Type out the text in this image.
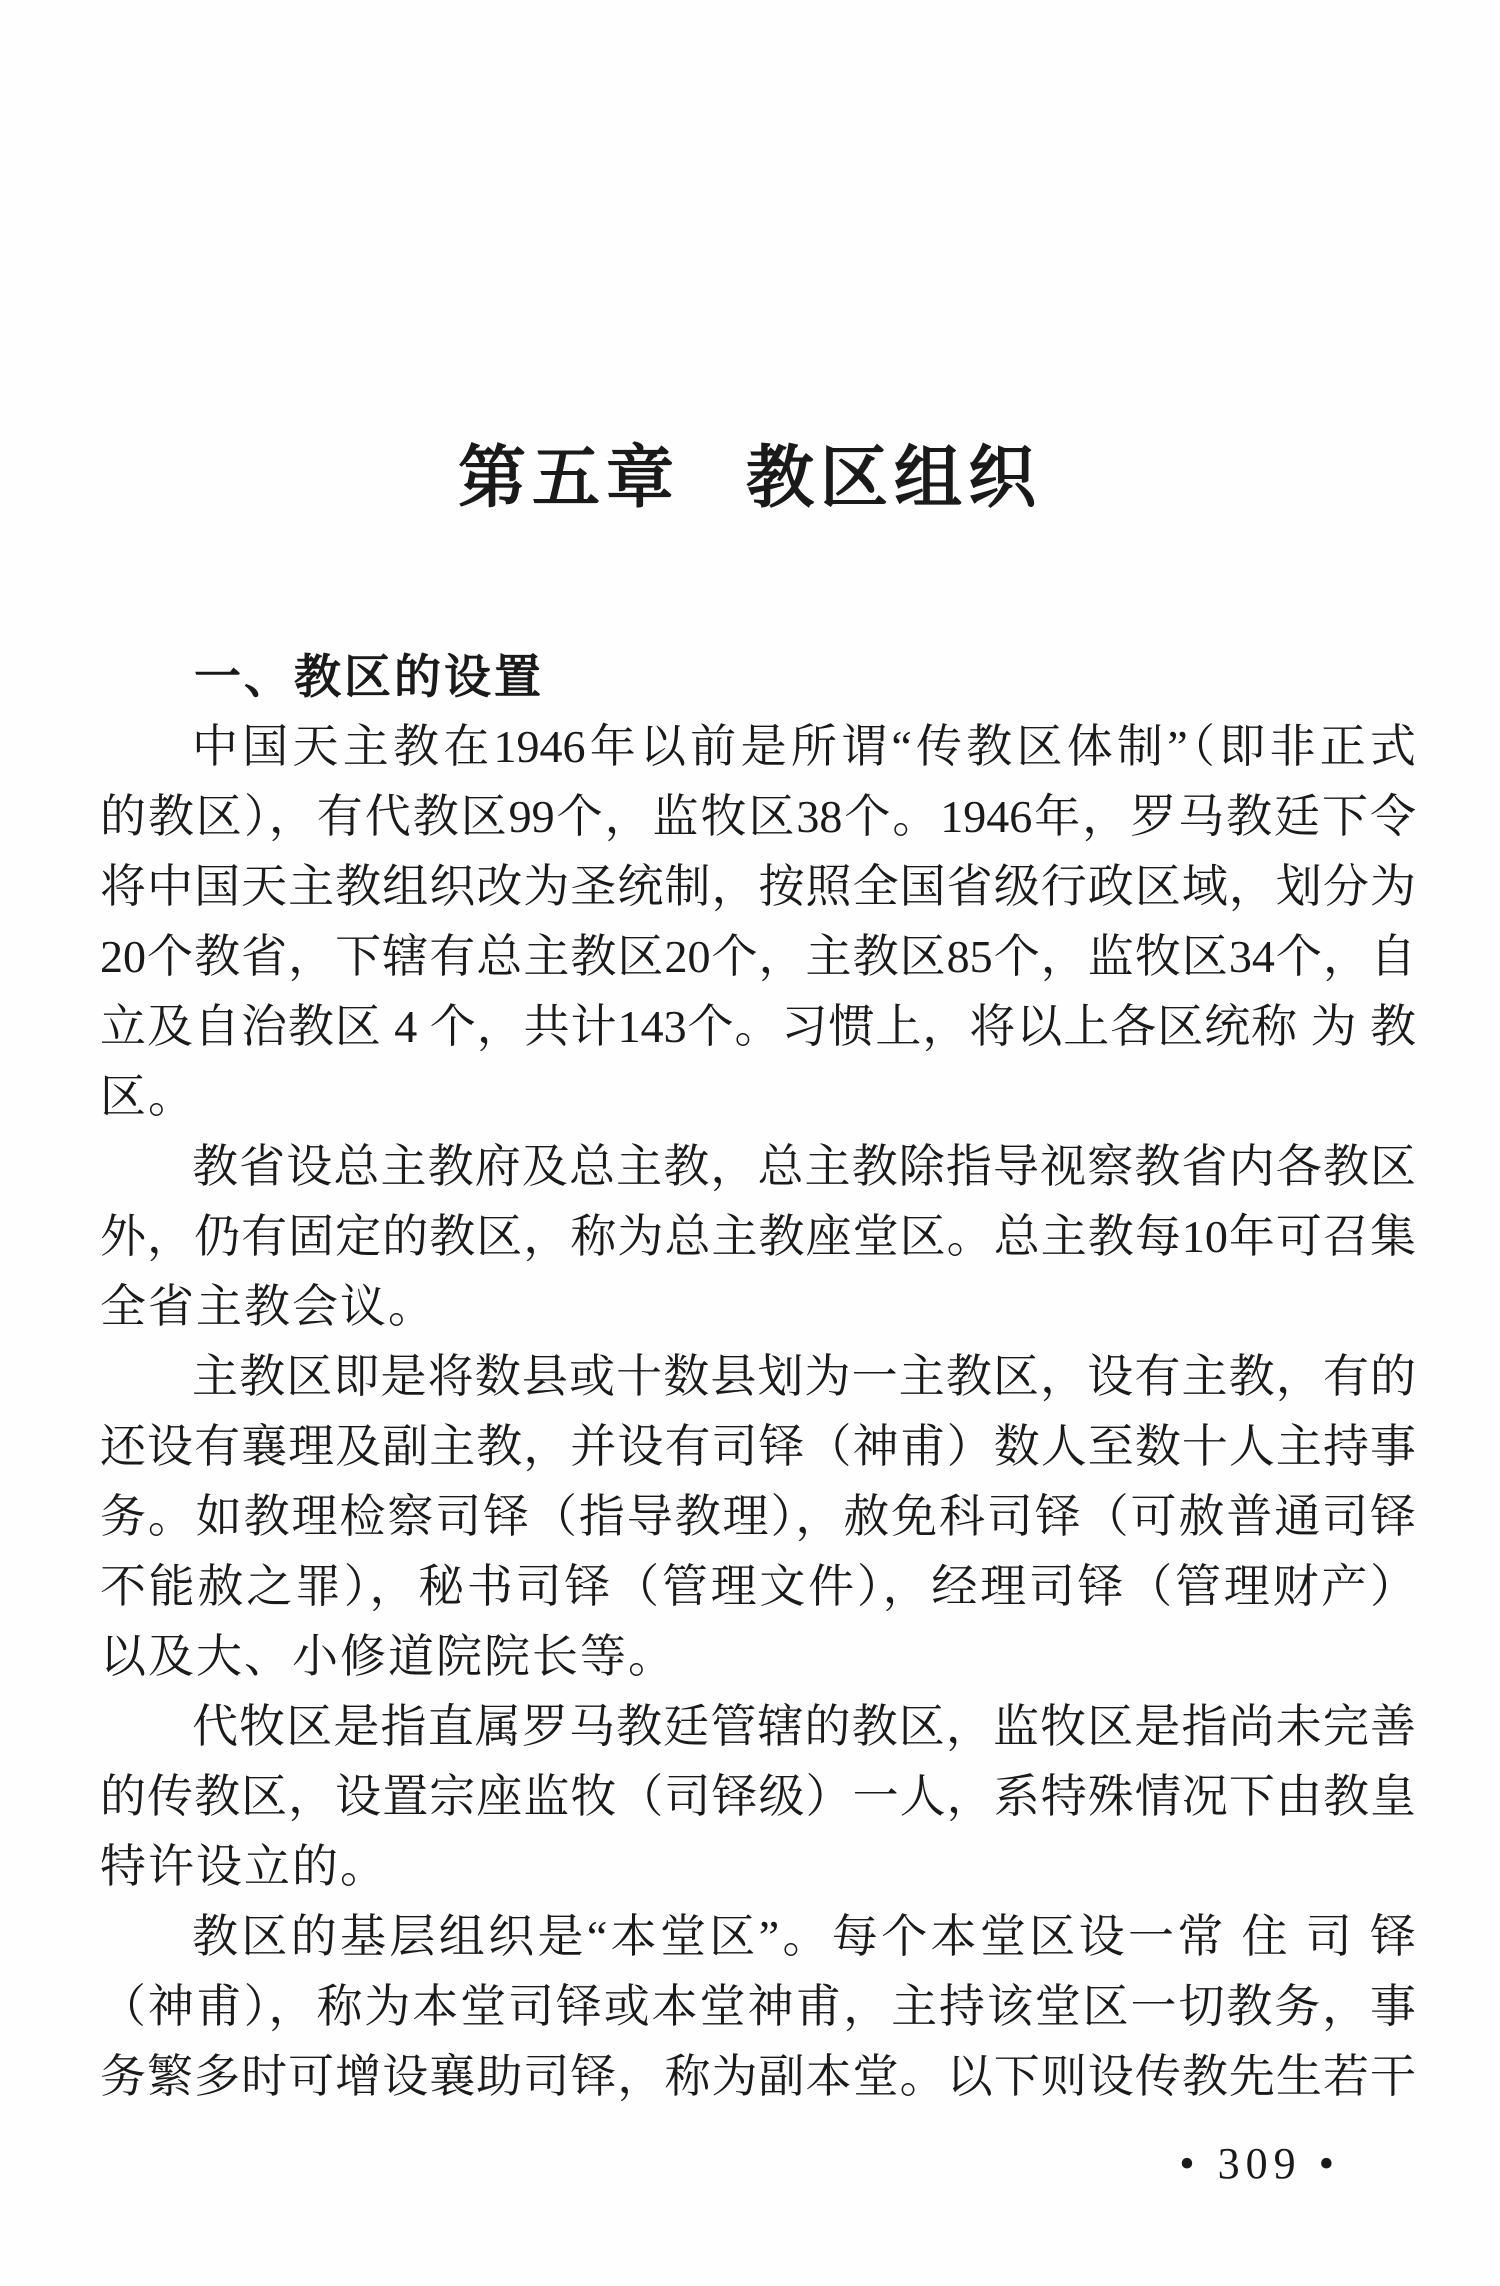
第五章 教区组织
一、教区的设置

中国天主教在1946年以前是所谓“传教区体制”（即非正式

的教区），有代教区99个，监牧区38个。1946年，罗马教廷下令

将中国天主教组织改为圣统制，按照全国省级行政区域，划分为

20个教省，下辖有总主教区20个，主教区85个，监牧区34个，自

立及自治教区 4 个，共计143个。习惯上，将以上各区统称 为 教

区。

教省设总主教府及总主教，总主教除指导视察教省内各教区

外，仍有固定的教区，称为总主教座堂区。总主教每10年可召集

全省主教会议。

主教区即是将数县或十数县划为一主教区，设有主教，有的

还设有襄理及副主教，并设有司铎（神甫）数人至数十人主持事

务。如教理检察司铎（指导教理），赦免科司铎（可赦普通司铎

不能赦之罪），秘书司铎（管理文件），经理司铎（管理财产）

以及大、小修道院院长等。

代牧区是指直属罗马教廷管辖的教区，监牧区是指尚未完善

的传教区，设置宗座监牧（司铎级）一人，系特殊情况下由教皇

特许设立的。

教区的基层组织是“本堂区”。每个本堂区设一常 住 司 铎

（神甫），称为本堂司铎或本堂神甫，主持该堂区一切教务，事

务繁多时可增设襄助司铎，称为副本堂。以下则设传教先生若干

• 309 •
